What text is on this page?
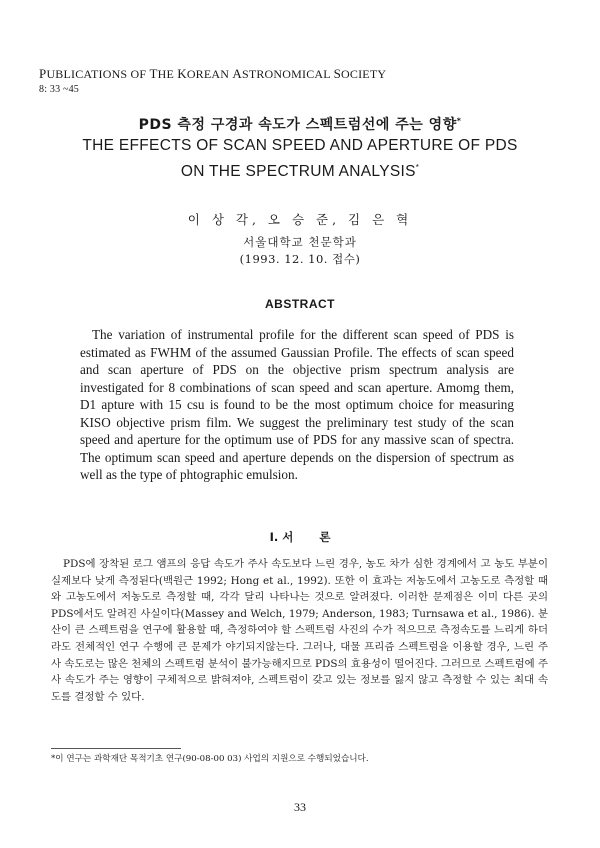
PUBLICATIONS OF THE KOREAN ASTRONOMICAL SOCIETY
8: 33 ~45
PDS 측정 구경과 속도가 스펙트럼선에 주는 영향*
THE EFFECTS OF SCAN SPEED AND APERTURE OF PDS
ON THE SPECTRUM ANALYSIS*
이 상 각, 오 승 준, 김 은 혁
서울대학교 천문학과
(1993. 12. 10. 접수)
ABSTRACT

The variation of instrumental profile for the different scan speed of PDS is estimated as FWHM of the assumed Gaussian Profile. The effects of scan speed and scan aperture of PDS on the objective prism spectrum analysis are investigated for 8 combinations of scan speed and scan aperture. Amomg them, D1 apture with 15 csu is found to be the most optimum choice for measuring KISO objective prism film. We suggest the preliminary test study of the scan speed and aperture for the optimum use of PDS for any massive scan of spectra. The optimum scan speed and aperture depends on the dispersion of spectrum as well as the type of phtographic emulsion.

I. 서 론

PDS에 장착된 로그 앰프의 응답 속도가 주사 속도보다 느린 경우, 농도 차가 심한 경계에서 고 농도 부분이 실제보다 낮게 측정된다(백원근 1992; Hong et al., 1992). 또한 이 효과는 저농도에서 고농도로 측정할 때와 고농도에서 저농도로 측정할 때, 각각 달리 나타나는 것으로 알려졌다. 이러한 문제점은 이미 다른 곳의 PDS에서도 알려진 사실이다(Massey and Welch, 1979; Anderson, 1983; Turnsawa et al., 1986). 분산이 큰 스펙트럼을 연구에 활용할 때, 측정하여야 할 스펙트럼 사진의 수가 적으므로 측정속도를 느리게 하더라도 전체적인 연구 수행에 큰 문제가 야기되지않는다. 그러나, 대물 프리즘 스펙트럼을 이용할 경우, 느린 주사 속도로는 많은 천체의 스펙트럼 분석이 불가능해지므로 PDS의 효용성이 떨어진다. 그러므로 스펙트럼에 주사 속도가 주는 영향이 구체적으로 밝혀져야, 스펙트럼이 갖고 있는 정보를 잃지 않고 측정할 수 있는 최대 속도를 결정할 수 있다.

*이 연구는 과학재단 목적기초 연구(90-08-00 03) 사업의 지원으로 수행되었습니다.
33
